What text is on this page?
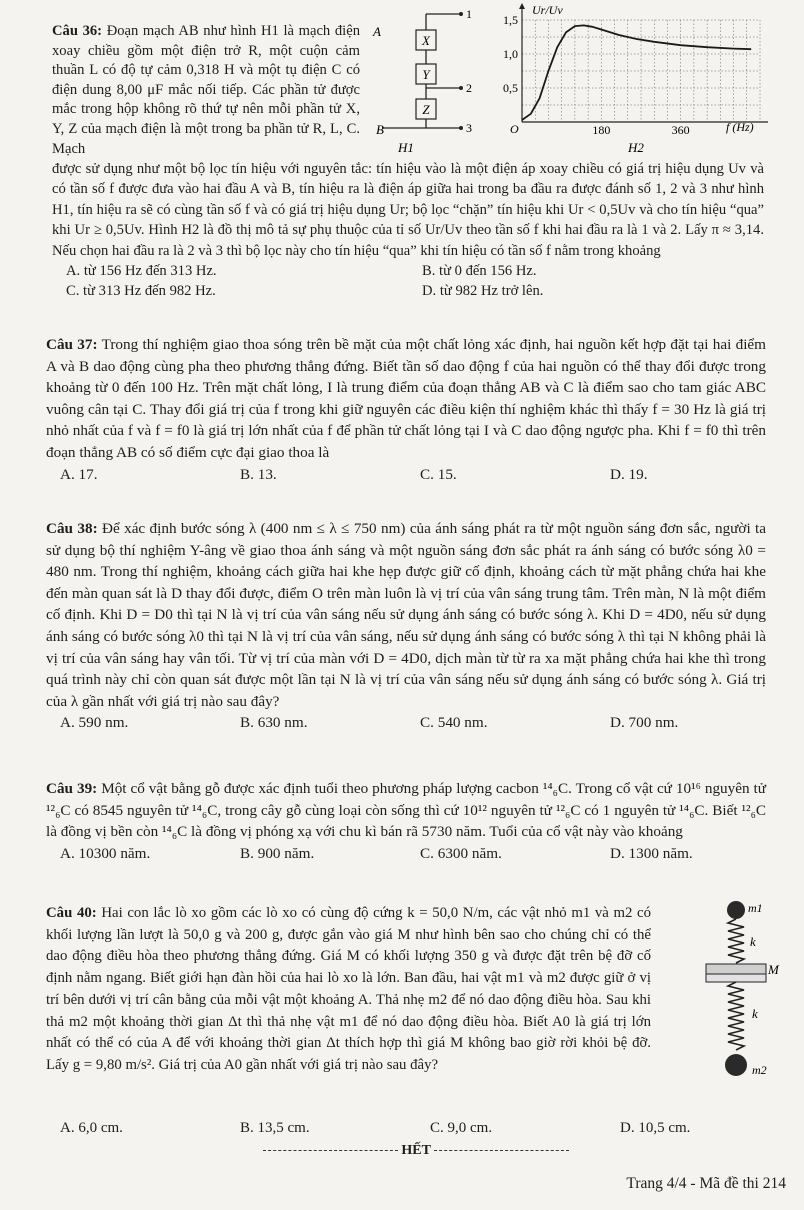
Câu 36: Đoạn mạch AB như hình H1 là mạch điện xoay chiều gồm một điện trở R, một cuộn cảm thuần L có độ tự cảm 0,318 H và một tụ điện C có điện dung 8,00 μF mắc nối tiếp. Các phần tử được mắc trong hộp không rõ thứ tự nên mỗi phần tử X, Y, Z của mạch điện là một trong ba phần tử R, L, C. Mạch

X
Y
Z
A
B
1
2
3
H1
0,5
1,0
1,5
180	360
Ur/Uv
f (Hz)
O
H2

được sử dụng như một bộ lọc tín hiệu với nguyên tắc: tín hiệu vào là một điện áp xoay chiều có giá trị hiệu dụng Uv và có tần số f được đưa vào hai đầu A và B, tín hiệu ra là điện áp giữa hai trong ba đầu ra được đánh số 1, 2 và 3 như hình H1, tín hiệu ra sẽ có cùng tần số f và có giá trị hiệu dụng Ur; bộ lọc “chặn” tín hiệu khi Ur < 0,5Uv và cho tín hiệu “qua” khi Ur ≥ 0,5Uv. Hình H2 là đồ thị mô tả sự phụ thuộc của tỉ số Ur/Uv theo tần số f khi hai đầu ra là 1 và 2. Lấy π ≈ 3,14. Nếu chọn hai đầu ra là 2 và 3 thì bộ lọc này cho tín hiệu “qua” khi tín hiệu có tần số f nằm trong khoảng

A. từ 156 Hz đến 313 Hz.	B. từ 0 đến 156 Hz.
C. từ 313 Hz đến 982 Hz.	D. từ 982 Hz trở lên.

Câu 37: Trong thí nghiệm giao thoa sóng trên bề mặt của một chất lỏng xác định, hai nguồn kết hợp đặt tại hai điểm A và B dao động cùng pha theo phương thẳng đứng. Biết tần số dao động f của hai nguồn có thể thay đổi được trong khoảng từ 0 đến 100 Hz. Trên mặt chất lỏng, I là trung điểm của đoạn thẳng AB và C là điểm sao cho tam giác ABC vuông cân tại C. Thay đổi giá trị của f trong khi giữ nguyên các điều kiện thí nghiệm khác thì thấy f = 30 Hz là giá trị nhỏ nhất của f và f = f0 là giá trị lớn nhất của f để phần tử chất lỏng tại I và C dao động ngược pha. Khi f = f0 thì trên đoạn thẳng AB có số điểm cực đại giao thoa là

A. 17.	B. 13.	C. 15.	D. 19.

Câu 38: Để xác định bước sóng λ (400 nm ≤ λ ≤ 750 nm) của ánh sáng phát ra từ một nguồn sáng đơn sắc, người ta sử dụng bộ thí nghiệm Y-âng về giao thoa ánh sáng và một nguồn sáng đơn sắc phát ra ánh sáng có bước sóng λ0 = 480 nm. Trong thí nghiệm, khoảng cách giữa hai khe hẹp được giữ cố định, khoảng cách từ mặt phẳng chứa hai khe đến màn quan sát là D thay đổi được, điểm O trên màn luôn là vị trí của vân sáng trung tâm. Trên màn, N là một điểm cố định. Khi D = D0 thì tại N là vị trí của vân sáng nếu sử dụng ánh sáng có bước sóng λ. Khi D = 4D0, nếu sử dụng ánh sáng có bước sóng λ0 thì tại N là vị trí của vân sáng, nếu sử dụng ánh sáng có bước sóng λ thì tại N không phải là vị trí của vân sáng hay vân tối. Từ vị trí của màn với D = 4D0, dịch màn từ từ ra xa mặt phẳng chứa hai khe thì trong quá trình này chỉ còn quan sát được một lần tại N là vị trí của vân sáng nếu sử dụng ánh sáng có bước sóng λ. Giá trị của λ gần nhất với giá trị nào sau đây?

A. 590 nm.	B. 630 nm.	C. 540 nm.	D. 700 nm.

Câu 39: Một cổ vật bằng gỗ được xác định tuổi theo phương pháp lượng cacbon ¹⁴₆C. Trong cổ vật cứ 10¹⁶ nguyên tử ¹²₆C có 8545 nguyên tử ¹⁴₆C, trong cây gỗ cùng loại còn sống thì cứ 10¹² nguyên tử ¹²₆C có 1 nguyên tử ¹⁴₆C. Biết ¹²₆C là đồng vị bền còn ¹⁴₆C là đồng vị phóng xạ với chu kì bán rã 5730 năm. Tuổi của cổ vật này vào khoảng

A. 10300 năm.	B. 900 năm.	C. 6300 năm.	D. 1300 năm.

Câu 40: Hai con lắc lò xo gồm các lò xo có cùng độ cứng k = 50,0 N/m, các vật nhỏ m1 và m2 có khối lượng lần lượt là 50,0 g và 200 g, được gắn vào giá M như hình bên sao cho chúng chỉ có thể dao động điều hòa theo phương thẳng đứng. Giá M có khối lượng 350 g và được đặt trên bệ đỡ cố định nằm ngang. Biết giới hạn đàn hồi của hai lò xo là lớn. Ban đầu, hai vật m1 và m2 được giữ ở vị trí bên dưới vị trí cân bằng của mỗi vật một khoảng A. Thả nhẹ m2 để nó dao động điều hòa. Sau khi thả m2 một khoảng thời gian Δt thì thả nhẹ vật m1 để nó dao động điều hòa. Biết A0 là giá trị lớn nhất có thể có của A để với khoảng thời gian Δt thích hợp thì giá M không bao giờ rời khỏi bệ đỡ. Lấy g = 9,80 m/s². Giá trị của A0 gần nhất với giá trị nào sau đây?

m1
k
M
k
m2
A. 6,0 cm.	B. 13,5 cm.	C. 9,0 cm.	D. 10,5 cm.
HẾT
Trang 4/4 - Mã đề thi 214
